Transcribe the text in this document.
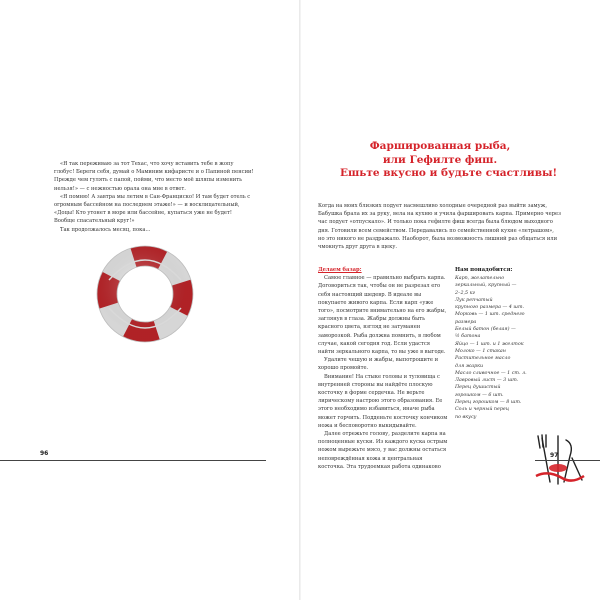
«Я так переживаю за тот Техас, что хочу вставить тебе в жопу глобус! Береги себя, думай о Маминим кифаристе и о Папиной пенсии! Прежде чем гулять с папой, пойми, что место моё шляпы изменить нельзя!» — с нежностью орала она мне в ответ.

«Я помню! А завтра мы летим в Сан-Франциско! И там будет отель с огромным бассейном на последнем этаже!» — и восклицательный, «Доцы! Кто утонет в море или бассейне, купаться уже не будет! Вообще спасательный круг!»

Так продолжалось месяц, пока...

96
Фаршированная рыба,
или Гефилте фиш.
Ешьте вкусно и будьте счастливы!

Когда на моих близких подует насмешливо холодные очередной раз выйти замуж, Бабушка брала их за руку, вела на кухню и учила фаршировать карпа. Примерно через час подует «отпускало». И только пока гефилте фиш всегда была блюдом выходного дня. Готовили всем семейством. Передавались по семейственной кухне «летрашом», но это никого не раздражало. Наоборот, была возможность лишний раз общаться или чмокнуть друг друга в щеку.

Делаем базар:

Самое главное — правильно выбрать карпа. Договориться так, чтобы он не разрезал его себя настоящий шедевр. В идеале вы покупаете живого карпа. Если карп «уже того», посмотрите внимательно на его жабры, заглянув в глаза. Жабры должны быть красного цвета, взгляд не затуманен заморозкой. Рыба должна помнить, в любом случае, какой сегодня год. Если удастся найти зеркального карпа, то вы уже в выгоде.

Удалите чешую и жабры, выпотрошите и хорошо промойте.

Внимание! На стыке головы и туловища с внутренней стороны вы найдёте плоскую косточку в форме сердечка. Не верьте лирическому настрою этого образования. Ее этого необходимо избавиться, иначе рыба может горчить. Подденьте косточку кончиком ножа и бесповоротно выкидывайте.

Далее отрежьте голову, разделите карпа на полноценные куски. Из каждого куска острым ножом вырежьте мясо, у вас должны остаться неповреждённая кожа и центральная косточка. Эта трудоемкая работа одинаково

Нам понадобится:
Карп, желательно
зеркальный, крупный —
2–2,5 кг
Лук репчатый
крупного размера — 4 шт.
Морковь — 1 шт. среднего
размера
Белый батон (белая) —
½ батона
Яйцо — 1 шт. и 1 желток
Молоко — 1 стакан
Растительное масло
для жарки
Масло сливочное — 1 ст. л.
Лавровый лист — 3 шт.
Перец душистый
горошком — 6 шт.
Перец горошком — 8 шт.
Соль и черный перец
по вкусу
97
